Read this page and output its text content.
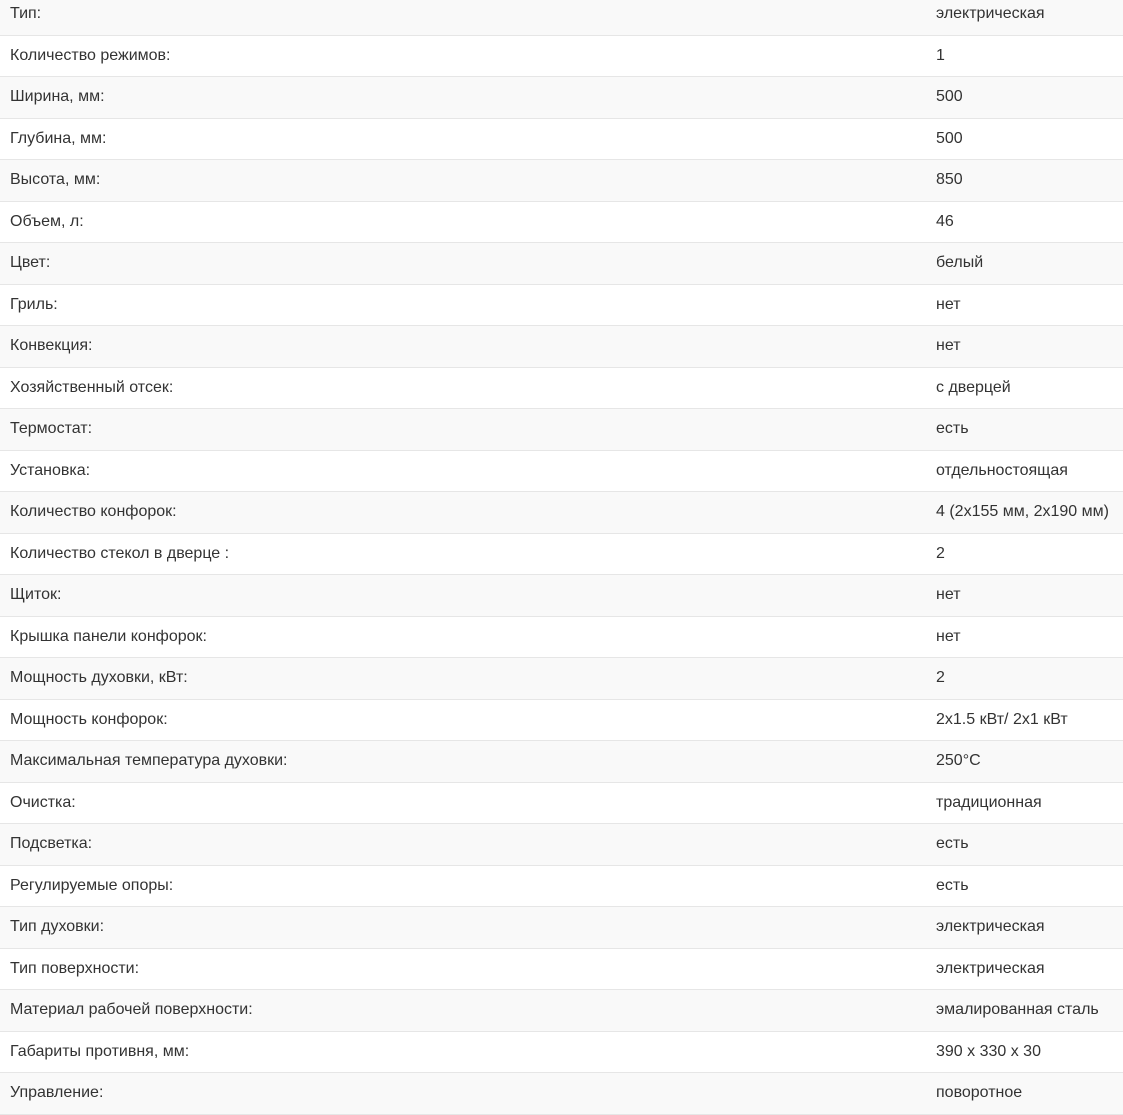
Тип:	электрическая
Количество режимов:	1
Ширина, мм:	500
Глубина, мм:	500
Высота, мм:	850
Объем, л:	46
Цвет:	белый
Гриль:	нет
Конвекция:	нет
Хозяйственный отсек:	с дверцей
Термостат:	есть
Установка:	отдельностоящая
Количество конфорок:	4 (2x155 мм, 2x190 мм)
Количество стекол в дверце :	2
Щиток:	нет
Крышка панели конфорок:	нет
Мощность духовки, кВт:	2
Мощность конфорок:	2x1.5 кВт/ 2x1 кВт
Максимальная температура духовки:	250°C
Очистка:	традиционная
Подсветка:	есть
Регулируемые опоры:	есть
Тип духовки:	электрическая
Тип поверхности:	электрическая
Материал рабочей поверхности:	эмалированная сталь
Габариты противня, мм:	390 x 330 x 30
Управление:	поворотное
